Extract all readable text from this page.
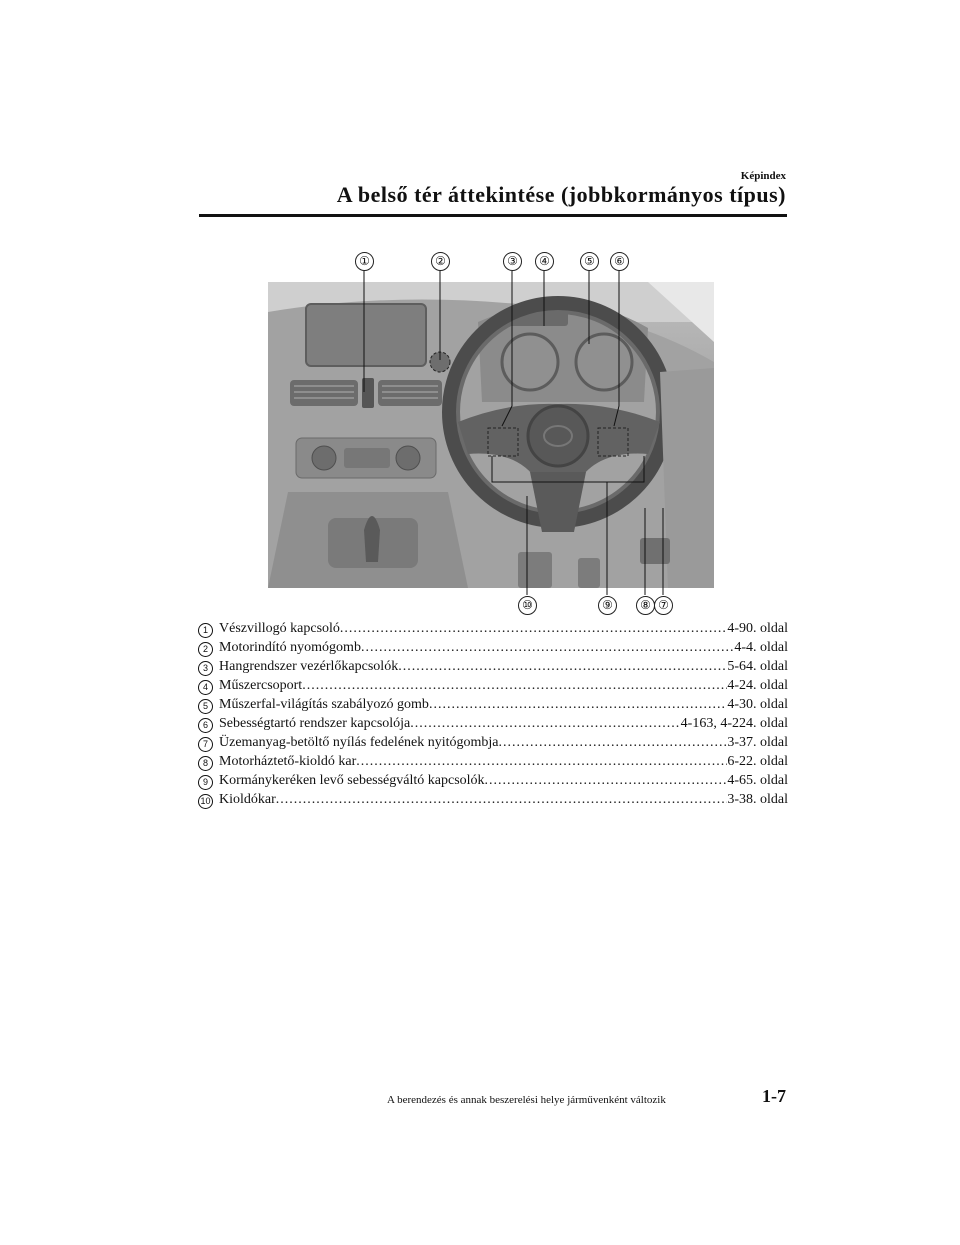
Képindex
A belső tér áttekintése (jobbkormányos típus)
①	②	③	④	⑤	⑥
⑩	⑨	⑧ ⑦
1 Vészvillogó kapcsoló .....	4-90. oldal
2 Motorindító nyomógomb .....	4-4. oldal
3 Hangrendszer vezérlőkapcsolók .....	5-64. oldal
4 Műszercsoport .....	4-24. oldal
5 Műszerfal-világítás szabályozó gomb .....	4-30. oldal
6 Sebességtartó rendszer kapcsolója .....	4-163, 4-224. oldal
7 Üzemanyag-betöltő nyílás fedelének nyitógombja .....	3-37. oldal
8 Motorháztető-kioldó kar .....	6-22. oldal
9 Kormánykeréken levő sebességváltó kapcsolók .....	4-65. oldal
10 Kioldókar .....	3-38. oldal
A berendezés és annak beszerelési helye járművenként változik	1-7
